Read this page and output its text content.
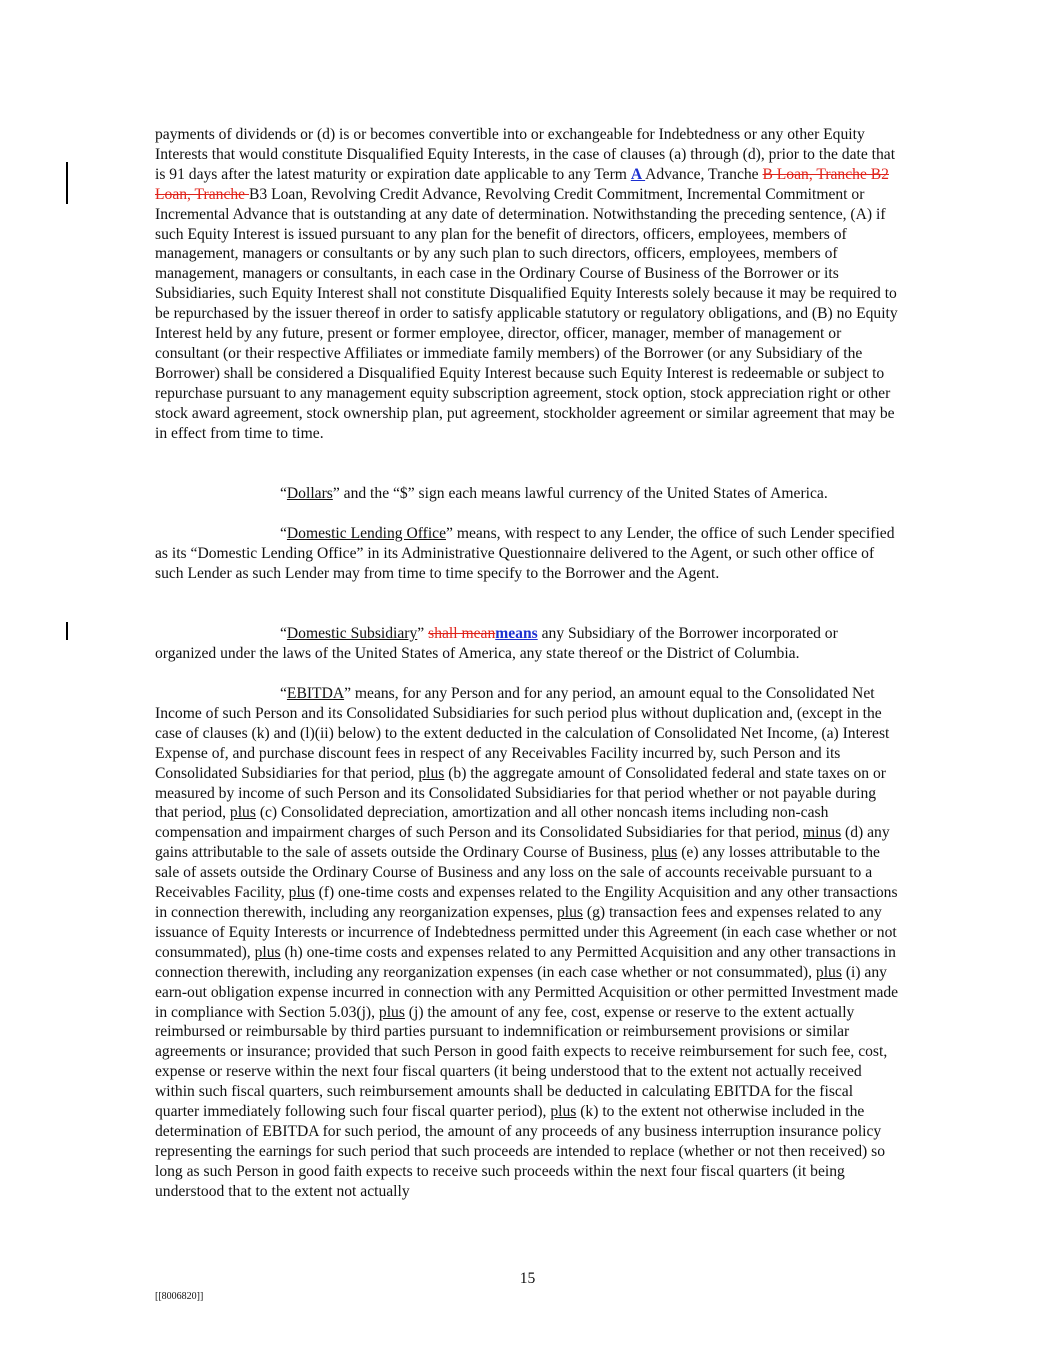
payments of dividends or (d) is or becomes convertible into or exchangeable for Indebtedness or any other Equity Interests that would constitute Disqualified Equity Interests, in the case of clauses (a) through (d), prior to the date that is 91 days after the latest maturity or expiration date applicable to any Term A Advance, Tranche B Loan, Tranche B2 Loan, Tranche B3 Loan, Revolving Credit Advance, Revolving Credit Commitment, Incremental Commitment or Incremental Advance that is outstanding at any date of determination. Notwithstanding the preceding sentence, (A) if such Equity Interest is issued pursuant to any plan for the benefit of directors, officers, employees, members of management, managers or consultants or by any such plan to such directors, officers, employees, members of management, managers or consultants, in each case in the Ordinary Course of Business of the Borrower or its Subsidiaries, such Equity Interest shall not constitute Disqualified Equity Interests solely because it may be required to be repurchased by the issuer thereof in order to satisfy applicable statutory or regulatory obligations, and (B) no Equity Interest held by any future, present or former employee, director, officer, manager, member of management or consultant (or their respective Affiliates or immediate family members) of the Borrower (or any Subsidiary of the Borrower) shall be considered a Disqualified Equity Interest because such Equity Interest is redeemable or subject to repurchase pursuant to any management equity subscription agreement, stock option, stock appreciation right or other stock award agreement, stock ownership plan, put agreement, stockholder agreement or similar agreement that may be in effect from time to time.

“Dollars” and the “$” sign each means lawful currency of the United States of America.

“Domestic Lending Office” means, with respect to any Lender, the office of such Lender specified as its “Domestic Lending Office” in its Administrative Questionnaire delivered to the Agent, or such other office of such Lender as such Lender may from time to time specify to the Borrower and the Agent.

“Domestic Subsidiary” shall meanmeans any Subsidiary of the Borrower incorporated or organized under the laws of the United States of America, any state thereof or the District of Columbia.

“EBITDA” means, for any Person and for any period, an amount equal to the Consolidated Net Income of such Person and its Consolidated Subsidiaries for such period plus without duplication and, (except in the case of clauses (k) and (l)(ii) below) to the extent deducted in the calculation of Consolidated Net Income, (a) Interest Expense of, and purchase discount fees in respect of any Receivables Facility incurred by, such Person and its Consolidated Subsidiaries for that period, plus (b) the aggregate amount of Consolidated federal and state taxes on or measured by income of such Person and its Consolidated Subsidiaries for that period whether or not payable during that period, plus (c) Consolidated depreciation, amortization and all other noncash items including non-cash compensation and impairment charges of such Person and its Consolidated Subsidiaries for that period, minus (d) any gains attributable to the sale of assets outside the Ordinary Course of Business, plus (e) any losses attributable to the sale of assets outside the Ordinary Course of Business and any loss on the sale of accounts receivable pursuant to a Receivables Facility, plus (f) one-time costs and expenses related to the Engility Acquisition and any other transactions in connection therewith, including any reorganization expenses, plus (g) transaction fees and expenses related to any issuance of Equity Interests or incurrence of Indebtedness permitted under this Agreement (in each case whether or not consummated), plus (h) one-time costs and expenses related to any Permitted Acquisition and any other transactions in connection therewith, including any reorganization expenses (in each case whether or not consummated), plus (i) any earn-out obligation expense incurred in connection with any Permitted Acquisition or other permitted Investment made in compliance with Section 5.03(j), plus (j) the amount of any fee, cost, expense or reserve to the extent actually reimbursed or reimbursable by third parties pursuant to indemnification or reimbursement provisions or similar agreements or insurance; provided that such Person in good faith expects to receive reimbursement for such fee, cost, expense or reserve within the next four fiscal quarters (it being understood that to the extent not actually received within such fiscal quarters, such reimbursement amounts shall be deducted in calculating EBITDA for the fiscal quarter immediately following such four fiscal quarter period), plus (k) to the extent not otherwise included in the determination of EBITDA for such period, the amount of any proceeds of any business interruption insurance policy representing the earnings for such period that such proceeds are intended to replace (whether or not then received) so long as such Person in good faith expects to receive such proceeds within the next four fiscal quarters (it being understood that to the extent not actually

15
[[8006820]]
